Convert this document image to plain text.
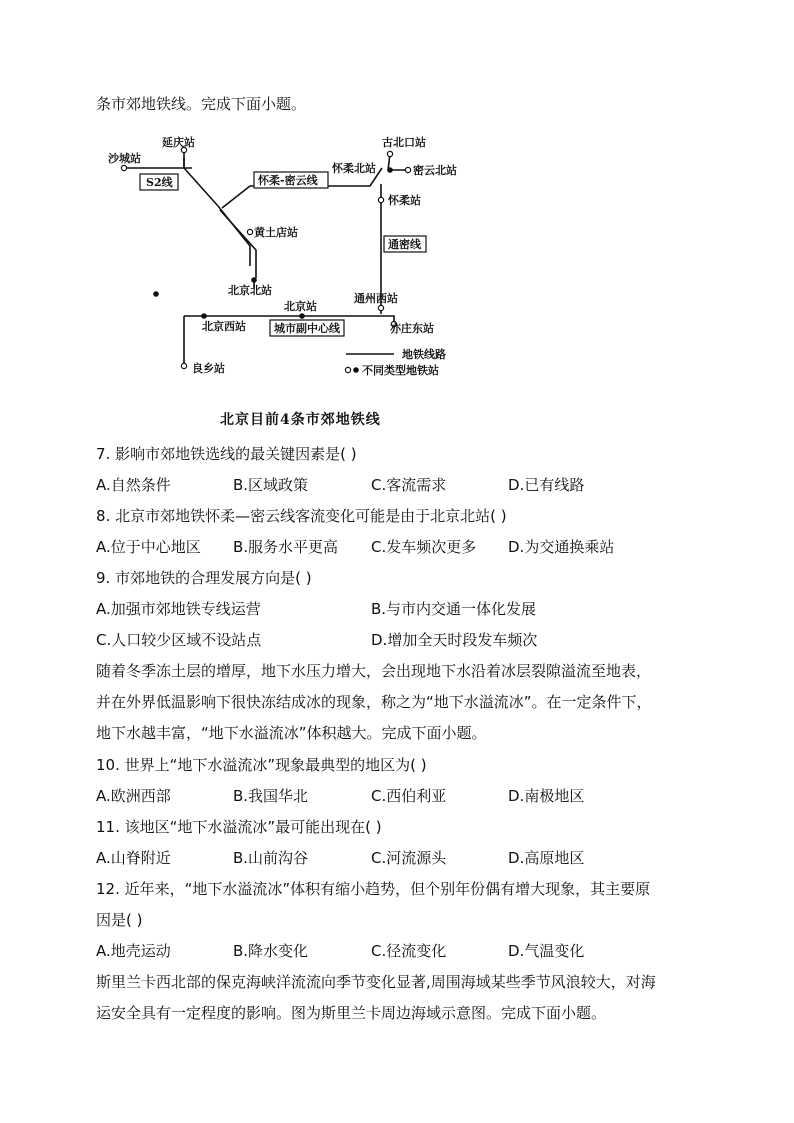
条市郊地铁线。完成下面小题。
沙城站
延庆站	古北口站
怀柔北站	密云北站
怀柔站
黄土店站
北京北站
北京站
北京西站
通州西站
亦庄东站
良乡站
S2线	怀柔-密云线
通密线
城市副中心线
地铁线路
不同类型地铁站
北京目前4条市郊地铁线
7. 影响市郊地铁选线的最关键因素是( )
A.自然条件	B.区域政策	C.客流需求	D.已有线路
8. 北京市郊地铁怀柔—密云线客流变化可能是由于北京北站( )
A.位于中心地区 B.服务水平更高 C.发车频次更多 D.为交通换乘站
9. 市郊地铁的合理发展方向是( )
A.加强市郊地铁专线运营	B.与市内交通一体化发展
C.人口较少区域不设站点	D.增加全天时段发车频次
随着冬季冻土层的增厚，地下水压力增大，会出现地下水沿着冰层裂隙溢流至地表，
并在外界低温影响下很快冻结成冰的现象，称之为“地下水溢流冰”。在一定条件下，
地下水越丰富，“地下水溢流冰”体积越大。完成下面小题。
10. 世界上“地下水溢流冰”现象最典型的地区为( )
A.欧洲西部	B.我国华北	C.西伯利亚	D.南极地区
11. 该地区“地下水溢流冰”最可能出现在( )
A.山脊附近	B.山前沟谷	C.河流源头	D.高原地区
12. 近年来，“地下水溢流冰”体积有缩小趋势，但个别年份偶有增大现象，其主要原
因是( )
A.地壳运动	B.降水变化	C.径流变化	D.气温变化
斯里兰卡西北部的保克海峡洋流流向季节变化显著,周围海域某些季节风浪较大，对海
运安全具有一定程度的影响。图为斯里兰卡周边海域示意图。完成下面小题。
